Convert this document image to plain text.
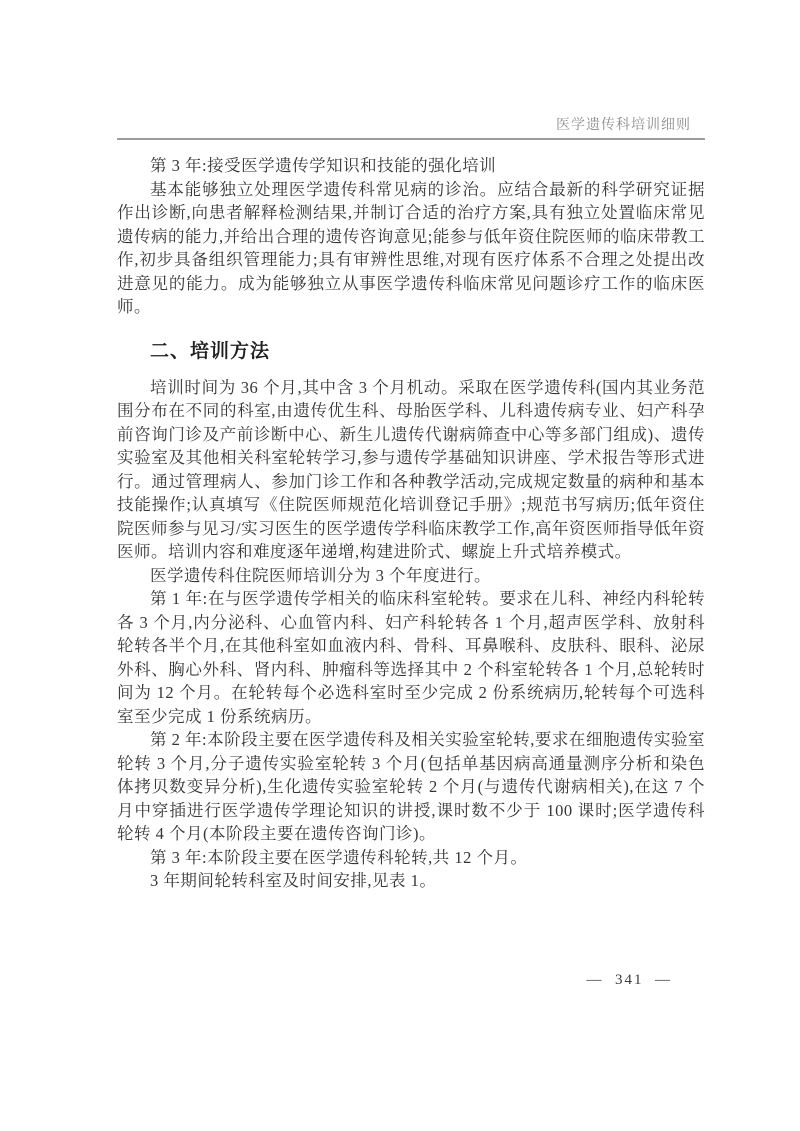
医学遗传科培训细则

第 3 年:接受医学遗传学知识和技能的强化培训

基本能够独立处理医学遗传科常见病的诊治。应结合最新的科学研究证据作出诊断,向患者解释检测结果,并制订合适的治疗方案,具有独立处置临床常见遗传病的能力,并给出合理的遗传咨询意见;能参与低年资住院医师的临床带教工作,初步具备组织管理能力;具有审辨性思维,对现有医疗体系不合理之处提出改进意见的能力。成为能够独立从事医学遗传科临床常见问题诊疗工作的临床医师。

二、培训方法

培训时间为 36 个月,其中含 3 个月机动。采取在医学遗传科(国内其业务范围分布在不同的科室,由遗传优生科、母胎医学科、儿科遗传病专业、妇产科孕前咨询门诊及产前诊断中心、新生儿遗传代谢病筛查中心等多部门组成)、遗传实验室及其他相关科室轮转学习,参与遗传学基础知识讲座、学术报告等形式进行。通过管理病人、参加门诊工作和各种教学活动,完成规定数量的病种和基本技能操作;认真填写《住院医师规范化培训登记手册》;规范书写病历;低年资住院医师参与见习/实习医生的医学遗传学科临床教学工作,高年资医师指导低年资医师。培训内容和难度逐年递增,构建进阶式、螺旋上升式培养模式。

医学遗传科住院医师培训分为 3 个年度进行。

第 1 年:在与医学遗传学相关的临床科室轮转。要求在儿科、神经内科轮转各 3 个月,内分泌科、心血管内科、妇产科轮转各 1 个月,超声医学科、放射科轮转各半个月,在其他科室如血液内科、骨科、耳鼻喉科、皮肤科、眼科、泌尿外科、胸心外科、肾内科、肿瘤科等选择其中 2 个科室轮转各 1 个月,总轮转时间为 12 个月。在轮转每个必选科室时至少完成 2 份系统病历,轮转每个可选科室至少完成 1 份系统病历。

第 2 年:本阶段主要在医学遗传科及相关实验室轮转,要求在细胞遗传实验室轮转 3 个月,分子遗传实验室轮转 3 个月(包括单基因病高通量测序分析和染色体拷贝数变异分析),生化遗传实验室轮转 2 个月(与遗传代谢病相关),在这 7 个月中穿插进行医学遗传学理论知识的讲授,课时数不少于 100 课时;医学遗传科轮转 4 个月(本阶段主要在遗传咨询门诊)。

第 3 年:本阶段主要在医学遗传科轮转,共 12 个月。

3 年期间轮转科室及时间安排,见表 1。

—  341  —
